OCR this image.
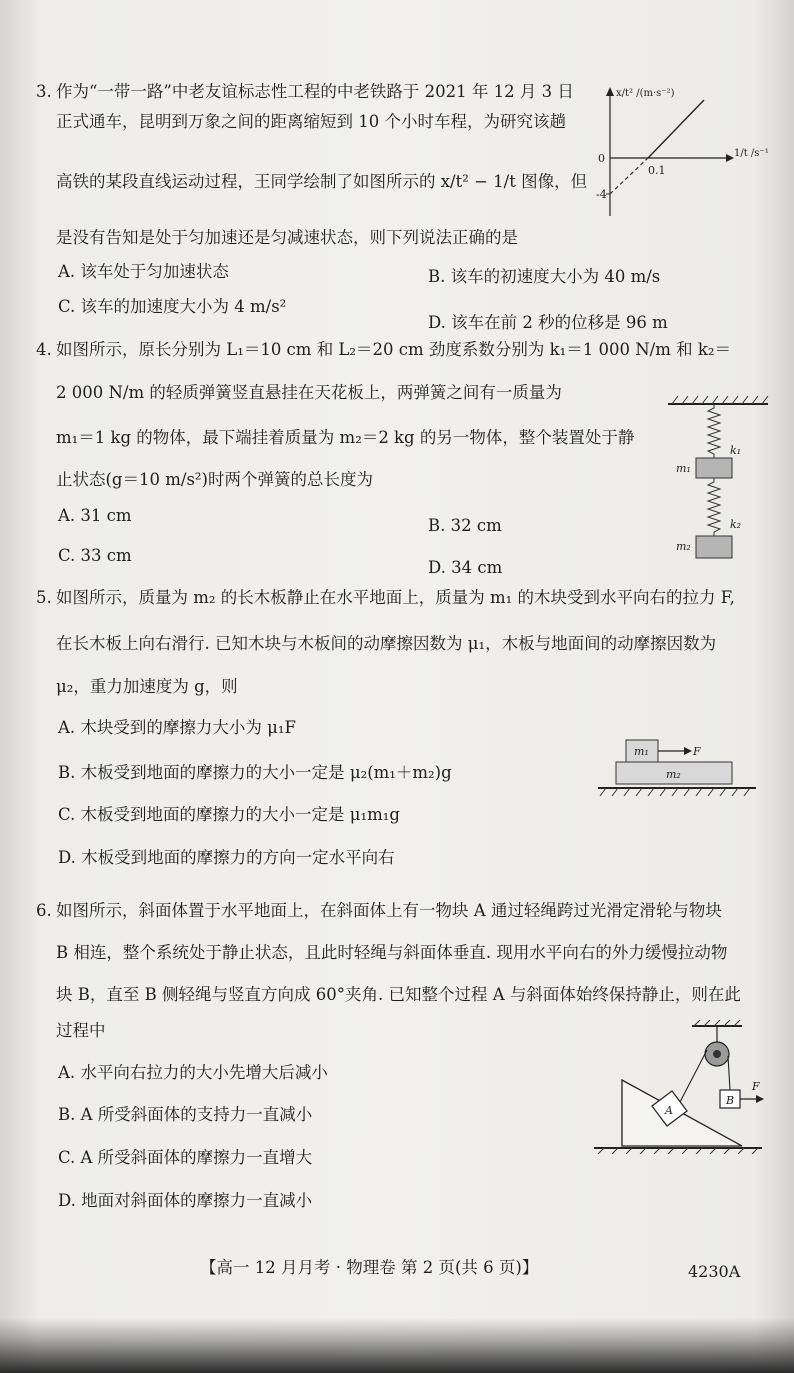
3. 作为“一带一路”中老友谊标志性工程的中老铁路于 2021 年 12 月 3 日
正式通车，昆明到万象之间的距离缩短到 10 个小时车程，为研究该趟
高铁的某段直线运动过程，王同学绘制了如图所示的 x/t² − 1/t 图像，但
是没有告知是处于匀加速还是匀减速状态，则下列说法正确的是
A. 该车处于匀加速状态	B. 该车的初速度大小为 40 m/s
C. 该车的加速度大小为 4 m/s²
D. 该车在前 2 秒的位移是 96 m
x/t² /(m·s⁻²)
1/t /s⁻¹
0
0.1
-4
4. 如图所示，原长分别为 L₁＝10 cm 和 L₂＝20 cm 劲度系数分别为 k₁＝1 000 N/m 和 k₂＝
2 000 N/m 的轻质弹簧竖直悬挂在天花板上，两弹簧之间有一质量为
m₁＝1 kg 的物体，最下端挂着质量为 m₂＝2 kg 的另一物体，整个装置处于静
止状态(g＝10 m/s²)时两个弹簧的总长度为
A. 31 cm
B. 32 cm
C. 33 cm
D. 34 cm
k₁
k₂
m₁
m₂
5. 如图所示，质量为 m₂ 的长木板静止在水平地面上，质量为 m₁ 的木块受到水平向右的拉力 F,
在长木板上向右滑行. 已知木块与木板间的动摩擦因数为 μ₁，木板与地面间的动摩擦因数为
μ₂，重力加速度为 g，则
A. 木块受到的摩擦力大小为 μ₁F
B. 木板受到地面的摩擦力的大小一定是 μ₂(m₁＋m₂)g
C. 木板受到地面的摩擦力的大小一定是 μ₁m₁g
D. 木板受到地面的摩擦力的方向一定水平向右
m₁
m₂
F
6. 如图所示，斜面体置于水平地面上，在斜面体上有一物块 A 通过轻绳跨过光滑定滑轮与物块
B 相连，整个系统处于静止状态，且此时轻绳与斜面体垂直. 现用水平向右的外力缓慢拉动物
块 B，直至 B 侧轻绳与竖直方向成 60°夹角. 已知整个过程 A 与斜面体始终保持静止，则在此
过程中
A. 水平向右拉力的大小先增大后减小
B. A 所受斜面体的支持力一直减小
C. A 所受斜面体的摩擦力一直增大
D. 地面对斜面体的摩擦力一直减小
A
B
F
【高一 12 月月考 · 物理卷 第 2 页(共 6 页)】	4230A
